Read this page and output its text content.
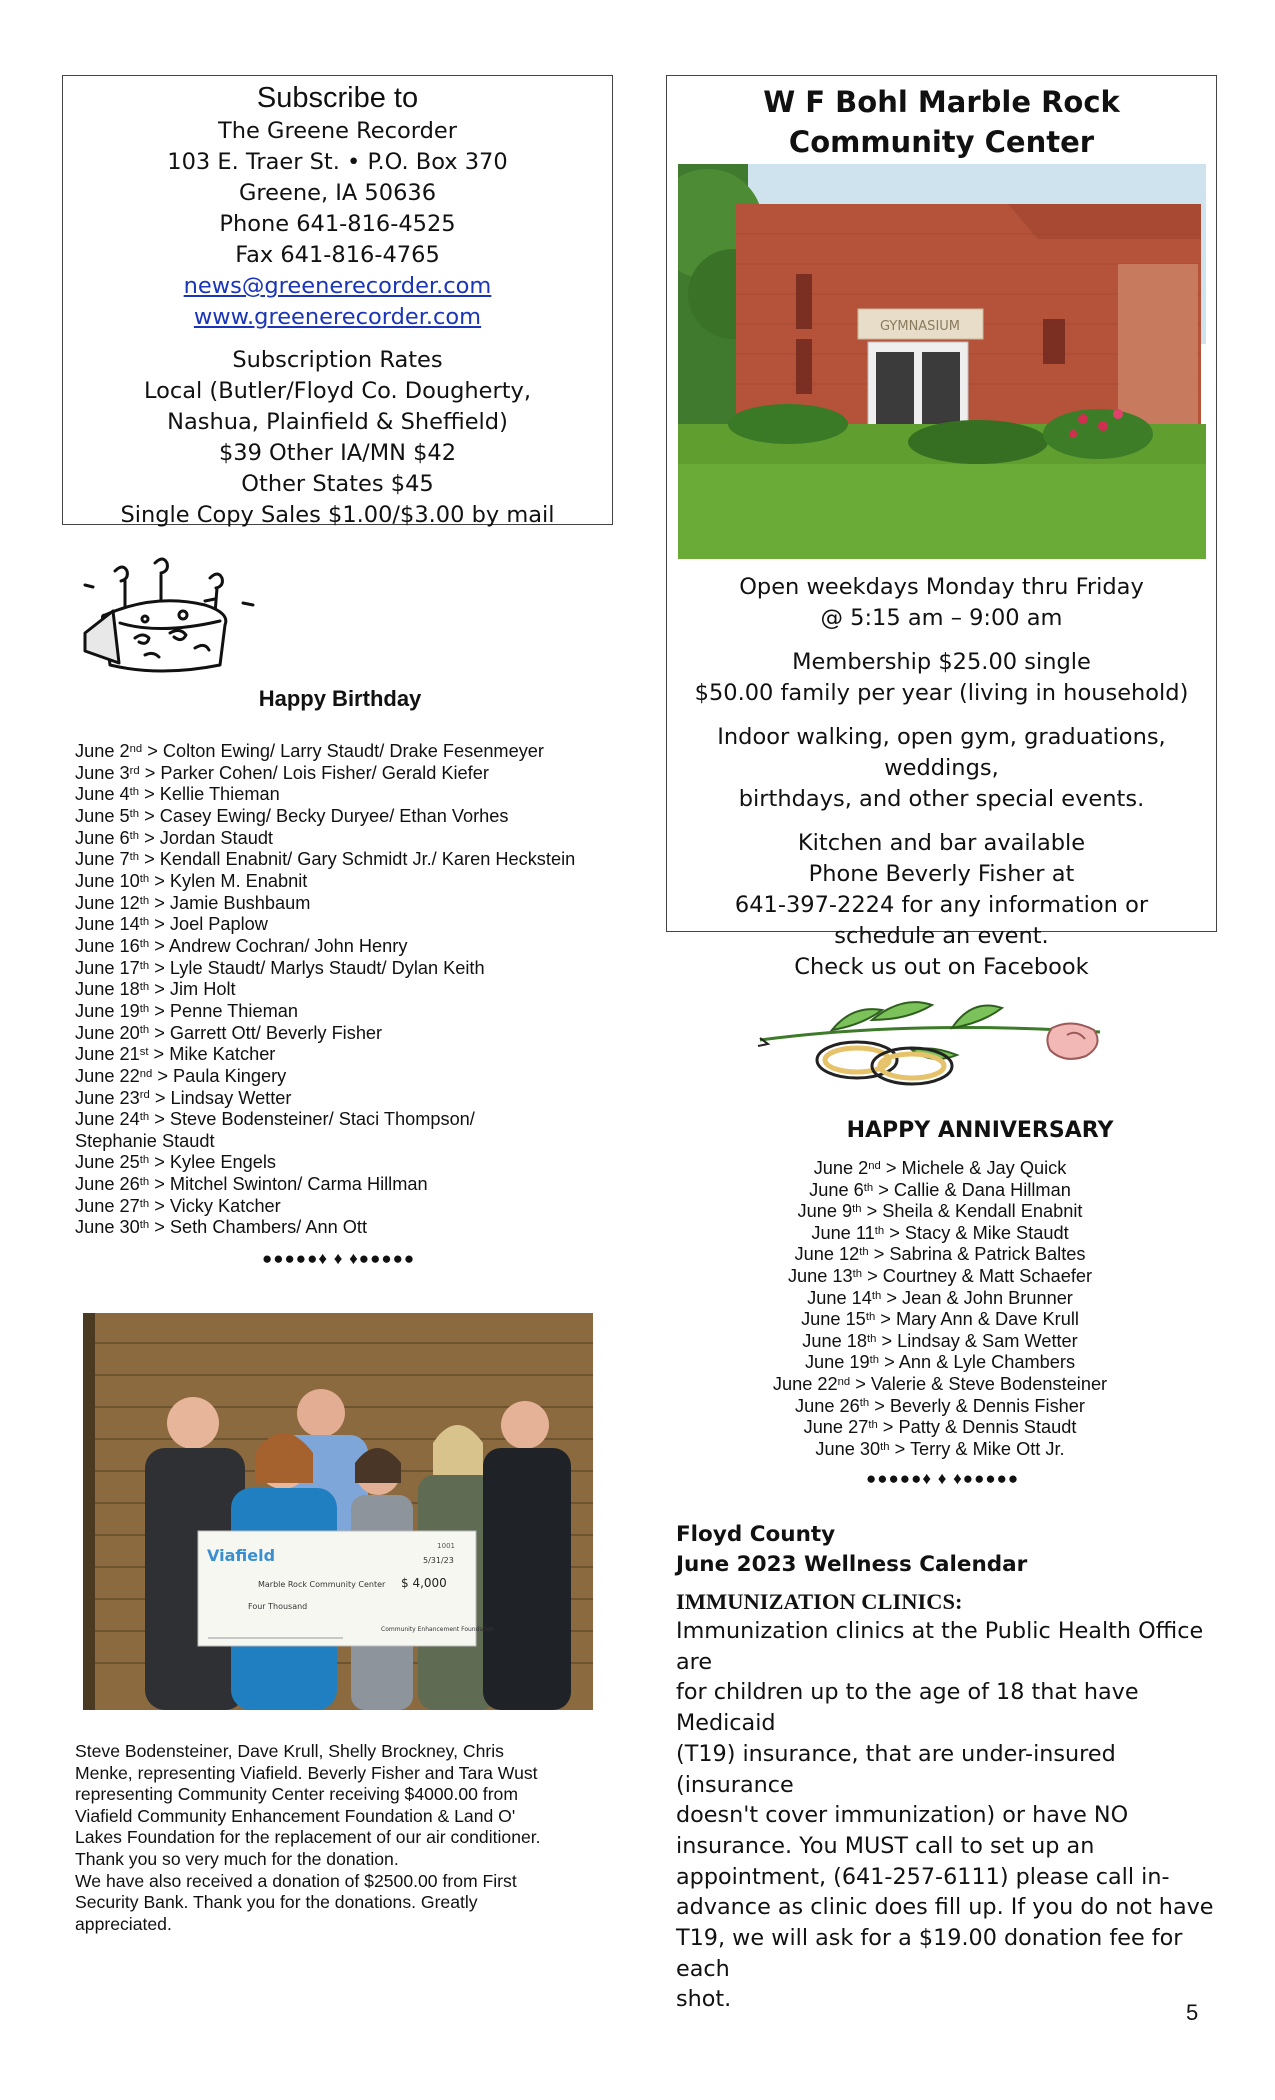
Subscribe to
The Greene Recorder
103 E. Traer St. • P.O. Box 370
Greene, IA 50636
Phone 641-816-4525
Fax 641-816-4765
news@greenerecorder.com
www.greenerecorder.com
Subscription Rates
Local (Butler/Floyd Co. Dougherty,
Nashua, Plainfield & Sheffield)
$39 Other IA/MN $42
Other States $45
Single Copy Sales $1.00/$3.00 by mail
W F Bohl Marble Rock
Community Center
GYMNASIUM
Open weekdays Monday thru Friday
@ 5:15 am – 9:00 am
Membership $25.00 single
$50.00 family per year (living in household)
Indoor walking, open gym, graduations, weddings,
birthdays, and other special events.
Kitchen and bar available
Phone Beverly Fisher at
641-397-2224 for any information or
schedule an event.
Check us out on Facebook
Happy Birthday
June 2nd > Colton Ewing/ Larry Staudt/ Drake Fesenmeyer
June 3rd > Parker Cohen/ Lois Fisher/ Gerald Kiefer
June 4th > Kellie Thieman
June 5th > Casey Ewing/ Becky Duryee/ Ethan Vorhes
June 6th > Jordan Staudt
June 7th > Kendall Enabnit/ Gary Schmidt Jr./ Karen Heckstein
June 10th > Kylen M. Enabnit
June 12th > Jamie Bushbaum
June 14th > Joel Paplow
June 16th > Andrew Cochran/ John Henry
June 17th > Lyle Staudt/ Marlys Staudt/ Dylan Keith
June 18th > Jim Holt
June 19th > Penne Thieman
June 20th > Garrett Ott/ Beverly Fisher
June 21st > Mike Katcher
June 22nd > Paula Kingery
June 23rd > Lindsay Wetter
June 24th > Steve Bodensteiner/ Staci Thompson/
Stephanie Staudt
June 25th > Kylee Engels
June 26th > Mitchel Swinton/ Carma Hillman
June 27th > Vicky Katcher
June 30th > Seth Chambers/ Ann Ott
●●●●●♦ ♦ ♦●●●●●
Viafield	1001
5/31/23
Marble Rock Community Center $ 4,000
Four Thousand
Community Enhancement Foundation
Steve Bodensteiner, Dave Krull, Shelly Brockney, Chris
Menke, representing Viafield. Beverly Fisher and Tara Wust
representing Community Center receiving $4000.00 from
Viafield Community Enhancement Foundation & Land O'
Lakes Foundation for the replacement of our air conditioner.
Thank you so very much for the donation.
We have also received a donation of $2500.00 from First
Security Bank. Thank you for the donations. Greatly
appreciated.
HAPPY ANNIVERSARY
June 2nd > Michele & Jay Quick
June 6th > Callie & Dana Hillman
June 9th > Sheila & Kendall Enabnit
June 11th > Stacy & Mike Staudt
June 12th > Sabrina & Patrick Baltes
June 13th > Courtney & Matt Schaefer
June 14th > Jean & John Brunner
June 15th > Mary Ann & Dave Krull
June 18th > Lindsay & Sam Wetter
June 19th > Ann & Lyle Chambers
June 22nd > Valerie & Steve Bodensteiner
June 26th > Beverly & Dennis Fisher
June 27th > Patty & Dennis Staudt
June 30th > Terry & Mike Ott Jr.
●●●●●♦ ♦ ♦●●●●●
Floyd County
June 2023 Wellness Calendar
IMMUNIZATION CLINICS:
Immunization clinics at the Public Health Office are
for children up to the age of 18 that have Medicaid
(T19) insurance, that are under-insured (insurance
doesn't cover immunization) or have NO
insurance. You MUST call to set up an
appointment, (641-257-6111) please call in-
advance as clinic does fill up. If you do not have
T19, we will ask for a $19.00 donation fee for each
shot.
5
